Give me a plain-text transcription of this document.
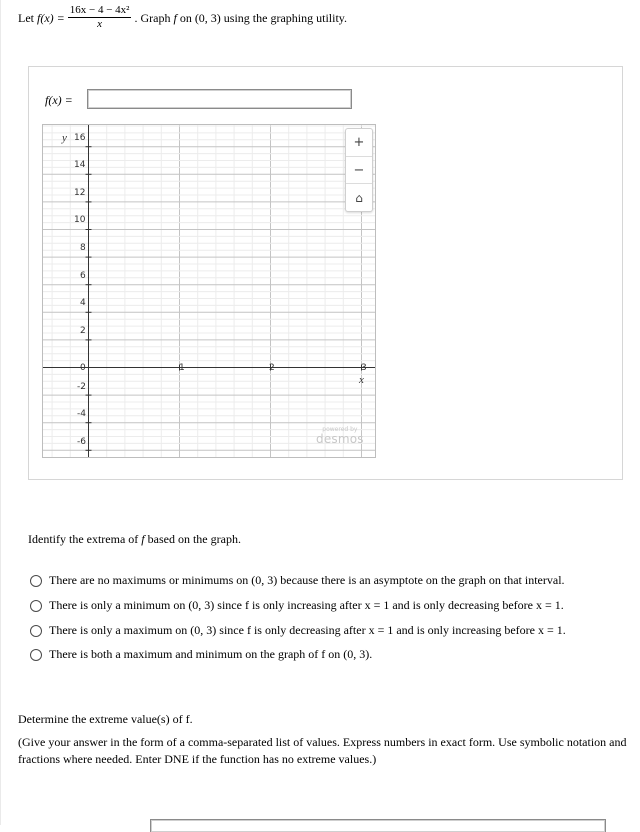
Let
$f(x) = \frac{\text{16x − 4 − 4x²}}{x}$ . Graph
f
on (0, 3) using the graphing utility.
f(x) =
y 16
14
12
10
8
6
4
2
0
-2
-4
-6
1	2	3
x
+
−
⌂
powered by
desmos
Identify the extrema of f based on the graph.
There are no maximums or minimums on (0, 3) because there is an asymptote on the graph on that interval.
There is only a minimum on (0, 3) since f is only increasing after x = 1 and is only decreasing before x = 1.
There is only a maximum on (0, 3) since f is only decreasing after x = 1 and is only increasing before x = 1.
There is both a maximum and minimum on the graph of f on (0, 3).
Determine the extreme value(s) of f.
(Give your answer in the form of a comma-separated list of values. Express numbers in exact form. Use symbolic notation and fractions where needed. Enter DNE if the function has no extreme values.)
